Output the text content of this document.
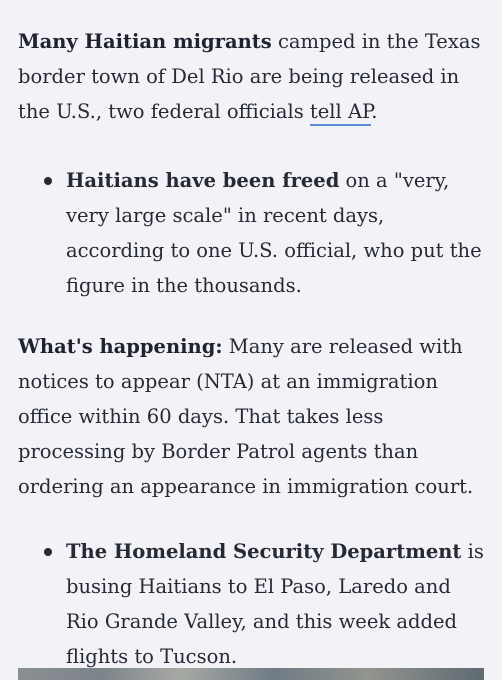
Many Haitian migrants camped in the Texas border town of Del Rio are being released in the U.S., two federal officials tell AP.

Haitians have been freed on a "very, very large scale" in recent days, according to one U.S. official, who put the figure in the thousands.

What's happening: Many are released with notices to appear (NTA) at an immigration office within 60 days. That takes less processing by Border Patrol agents than ordering an appearance in immigration court.

The Homeland Security Department is busing Haitians to El Paso, Laredo and Rio Grande Valley, and this week added flights to Tucson.
